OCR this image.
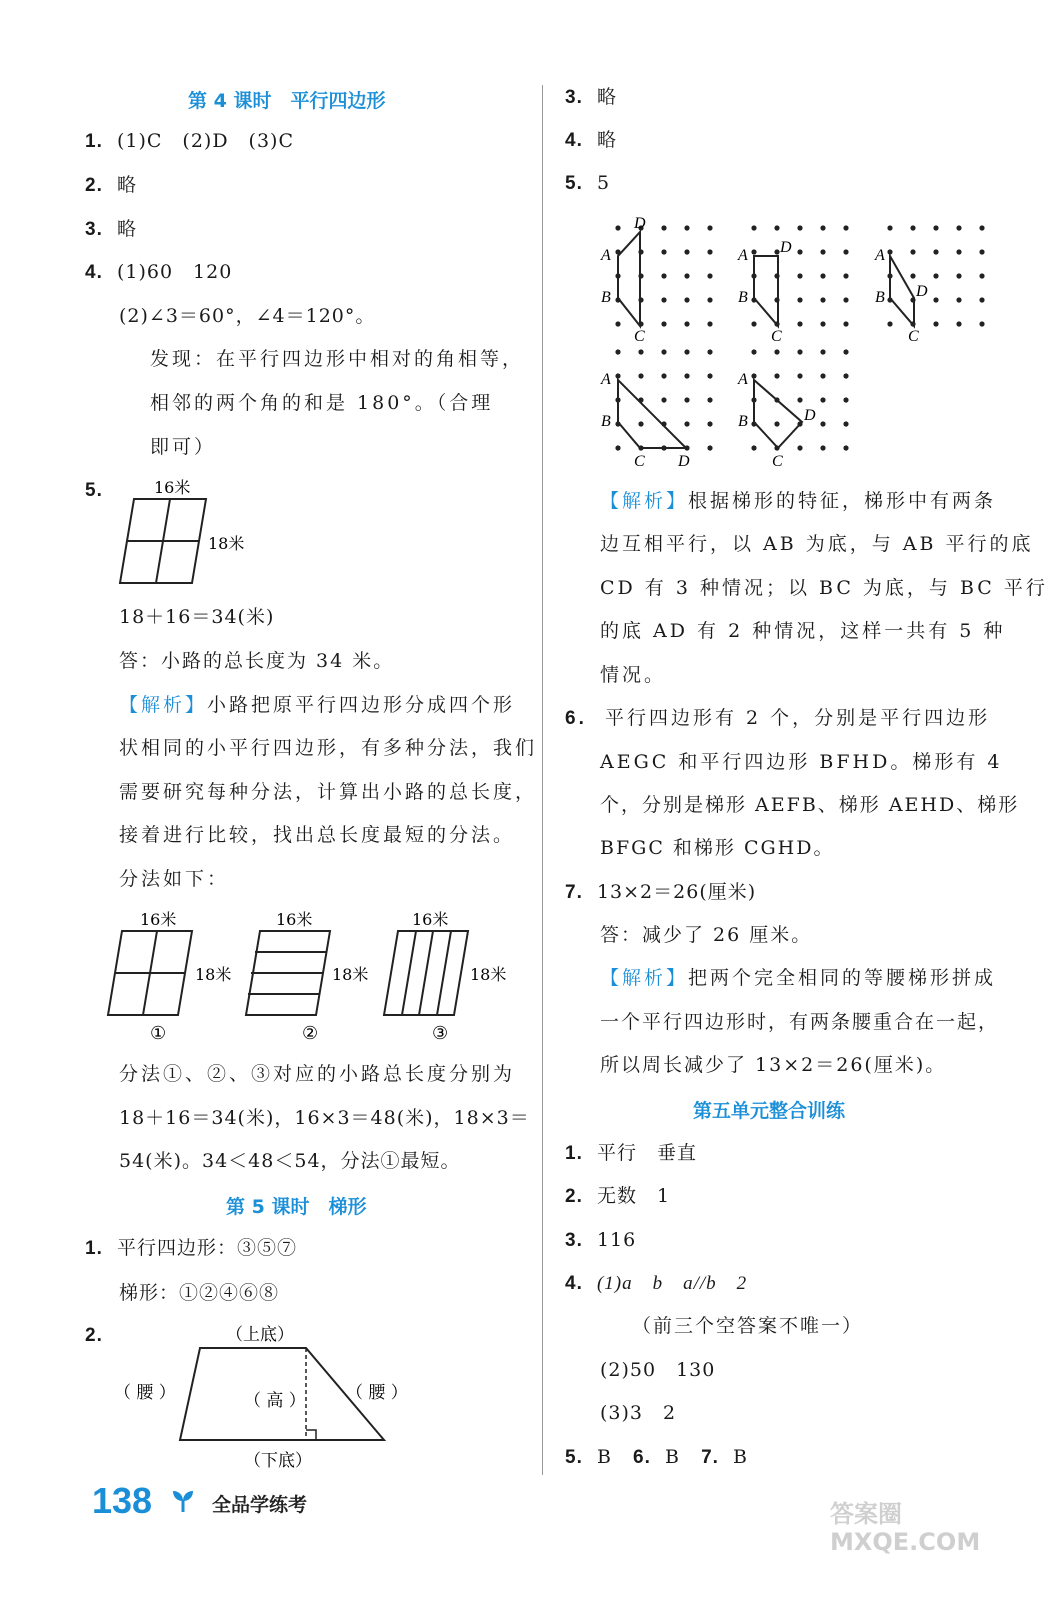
第 4 课时　平行四边形
1. (1)C　(2)D　(3)C
2. 略
3. 略
4. (1)60　120
(2)∠3＝60°，∠4＝120°。
发现：在平行四边形中相对的角相等，
相邻的两个角的和是 180°。（合理
即可）
5.	16米
18米
18＋16＝34(米)
答：小路的总长度为 34 米。
【解析】小路把原平行四边形分成四个形
状相同的小平行四边形，有多种分法，我们
需要研究每种分法，计算出小路的总长度，
接着进行比较，找出总长度最短的分法。
分法如下：
16米
18米
①
16米
18米
②
16米
18米
③
分法①、②、③对应的小路总长度分别为
18＋16＝34(米)，16×3＝48(米)，18×3＝
54(米)。34＜48＜54，分法①最短。
第 5 课时　梯形
1. 平行四边形：③⑤⑦
梯形：①②④⑥⑧
2.	（上底）
（ 腰 ）	（ 高 ） （ 腰 ）
（下底）
3. 略
4. 略
5. 5
D
A
B
C
D
A
B
C
D
A
B
C
A
B
C D
A
B
C
D
【解析】根据梯形的特征，梯形中有两条
边互相平行，以 AB 为底，与 AB 平行的底
CD 有 3 种情况；以 BC 为底，与 BC 平行
的底 AD 有 2 种情况，这样一共有 5 种
情况。
6. 平行四边形有 2 个，分别是平行四边形
AEGC 和平行四边形 BFHD。梯形有 4
个，分别是梯形 AEFB、梯形 AEHD、梯形
BFGC 和梯形 CGHD。
7. 13×2＝26(厘米)
答：减少了 26 厘米。
【解析】把两个完全相同的等腰梯形拼成
一个平行四边形时，有两条腰重合在一起，
所以周长减少了 13×2＝26(厘米)。
第五单元整合训练
1. 平行　垂直
2. 无数　1
3. 116
4. (1)a　b　a//b　2
（前三个空答案不唯一）
(2)50　130
(3)3　2
5. B 6. B 7. B
138	全品学练考	答案圈 MXQE.COM
